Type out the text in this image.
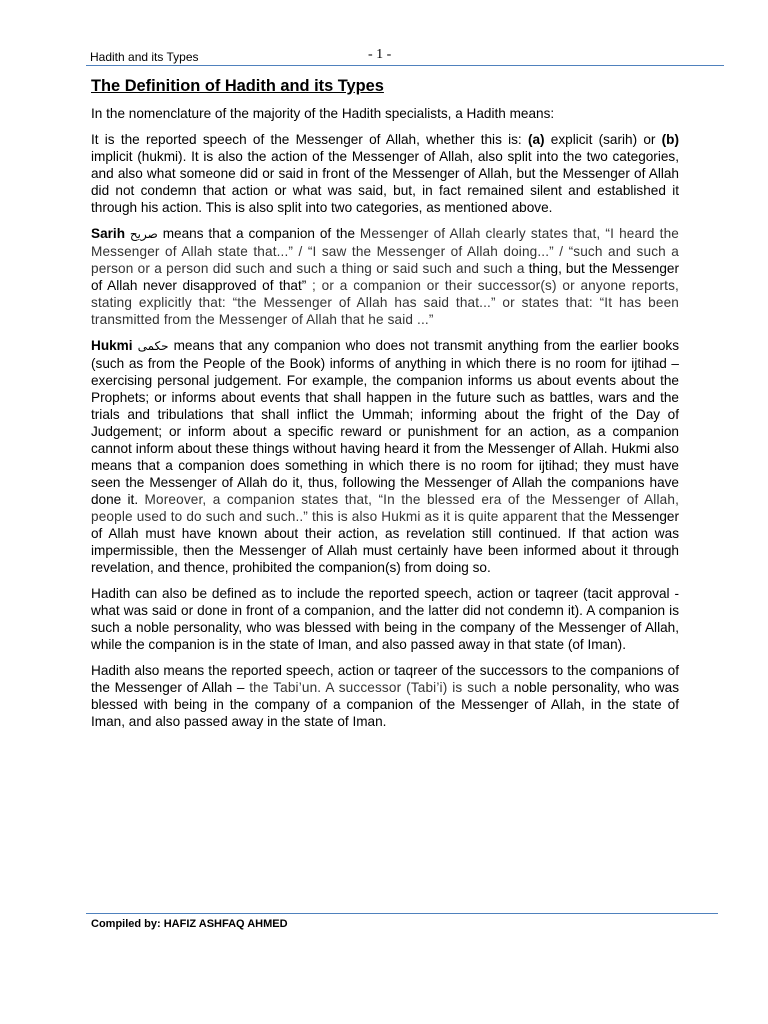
Hadith and its Types	- 1 -
The Definition of Hadith and its Types

In the nomenclature of the majority of the Hadith specialists, a Hadith means:

It is the reported speech of the Messenger of Allah, whether this is: (a) explicit (sarih) or (b) implicit (hukmi). It is also the action of the Messenger of Allah, also split into the two categories, and also what someone did or said in front of the Messenger of Allah, but the Messenger of Allah did not condemn that action or what was said, but, in fact remained silent and established it through his action. This is also split into two categories, as mentioned above.

Sarih صريح means that a companion of the Messenger of Allah clearly states that, “I heard the Messenger of Allah state that...” / “I saw the Messenger of Allah doing...” / “such and such a person or a person did such and such a thing or said such and such a thing, but the Messenger of Allah never disapproved of that” ; or a companion or their successor(s) or anyone reports, stating explicitly that: “the Messenger of Allah has said that...” or states that: “It has been transmitted from the Messenger of Allah that he said ...”

Hukmi حكمى means that any companion who does not transmit anything from the earlier books (such as from the People of the Book) informs of anything in which there is no room for ijtihad – exercising personal judgement. For example, the companion informs us about events about the Prophets; or informs about events that shall happen in the future such as battles, wars and the trials and tribulations that shall inflict the Ummah; informing about the fright of the Day of Judgement; or inform about a specific reward or punishment for an action, as a companion cannot inform about these things without having heard it from the Messenger of Allah. Hukmi also means that a companion does something in which there is no room for ijtihad; they must have seen the Messenger of Allah do it, thus, following the Messenger of Allah the companions have done it. Moreover, a companion states that, “In the blessed era of the Messenger of Allah, people used to do such and such..” this is also Hukmi as it is quite apparent that the Messenger of Allah must have known about their action, as revelation still continued. If that action was impermissible, then the Messenger of Allah must certainly have been informed about it through revelation, and thence, prohibited the companion(s) from doing so.

Hadith can also be defined as to include the reported speech, action or taqreer (tacit approval - what was said or done in front of a companion, and the latter did not condemn it). A companion is such a noble personality, who was blessed with being in the company of the Messenger of Allah, while the companion is in the state of Iman, and also passed away in that state (of Iman).

Hadith also means the reported speech, action or taqreer of the successors to the companions of the Messenger of Allah – the Tabi’un. A successor (Tabi’i) is such a noble personality, who was blessed with being in the company of a companion of the Messenger of Allah, in the state of Iman, and also passed away in the state of Iman.

Compiled by: HAFIZ ASHFAQ AHMED
